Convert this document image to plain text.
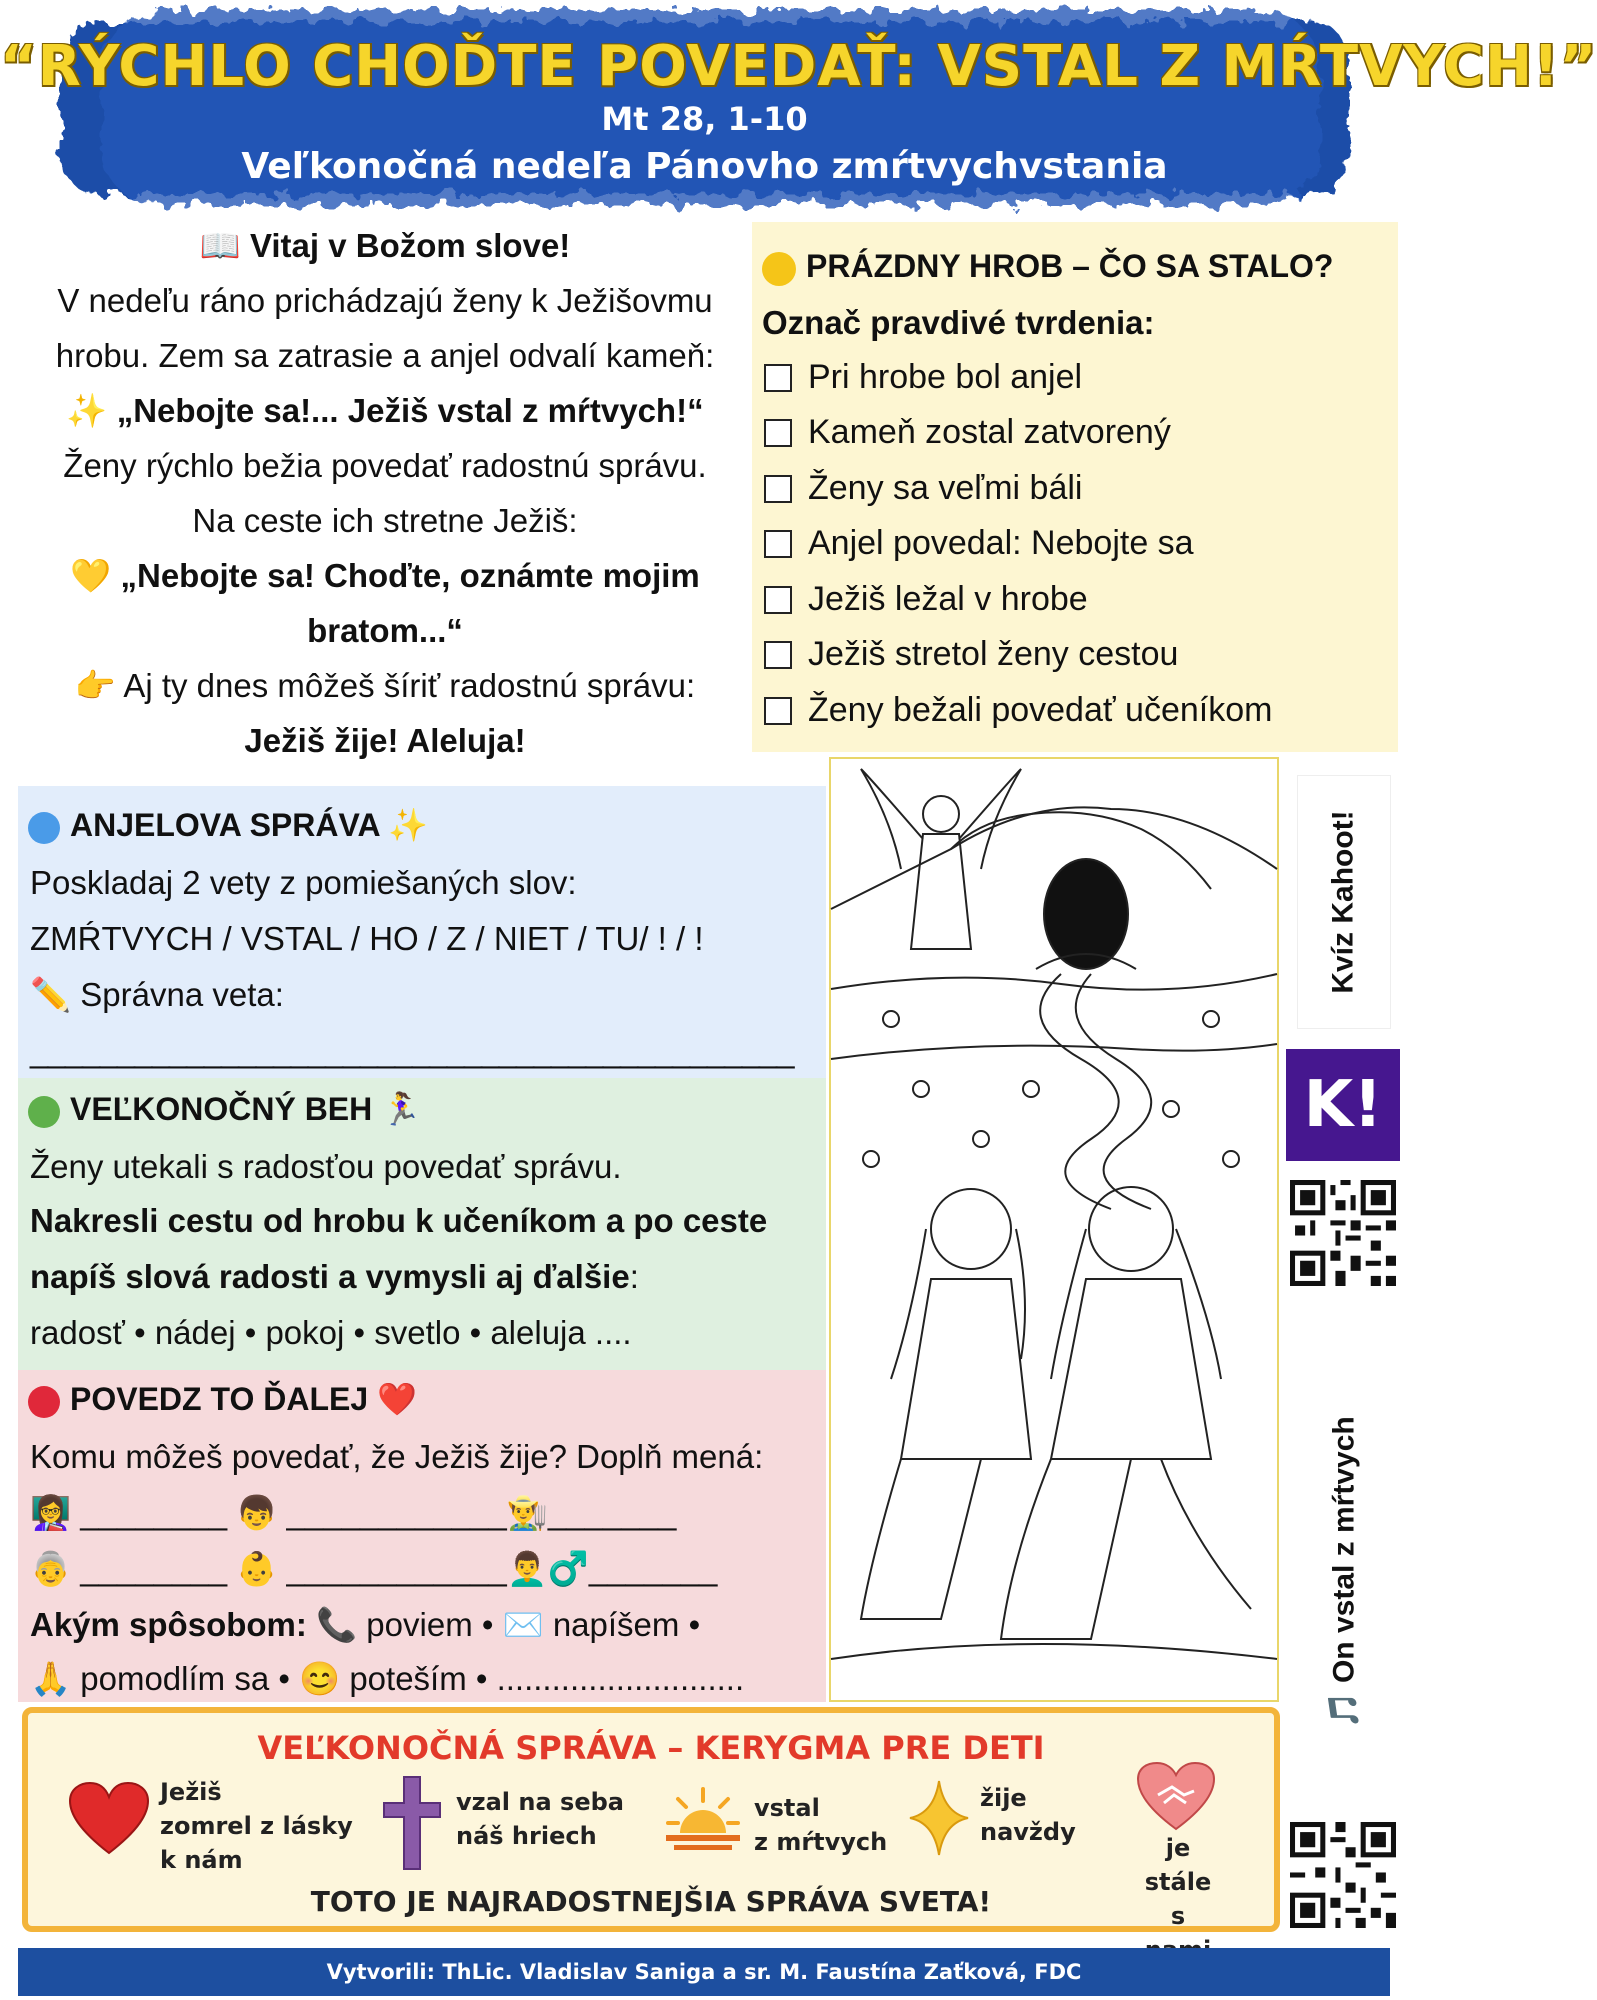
“RÝCHLO CHOĎTE POVEDAŤ: VSTAL Z MŔTVYCH!”
Mt 28, 1-10
Veľkonočná nedeľa Pánovho zmŕtvychvstania
📖 Vitaj v Božom slove!
V nedeľu ráno prichádzajú ženy k Ježišovmu
hrobu. Zem sa zatrasie a anjel odvalí kameň:
✨ „Nebojte sa!... Ježiš vstal z mŕtvych!“
Ženy rýchlo bežia povedať radostnú správu.
Na ceste ich stretne Ježiš:
💛 „Nebojte sa! Choďte, oznámte mojim
bratom...“
👉 Aj ty dnes môžeš šíriť radostnú správu:
Ježiš žije! Aleluja!
PRÁZDNY HROB – ČO SA STALO?
Označ pravdivé tvrdenia:
Pri hrobe bol anjel
Kameň zostal zatvorený
Ženy sa veľmi báli
Anjel povedal: Nebojte sa
Ježiš ležal v hrobe
Ježiš stretol ženy cestou
Ženy bežali povedať učeníkom
ANJELOVA SPRÁVA ✨
Poskladaj 2 vety z pomiešaných slov:
ZMŔTVYCH / VSTAL / HO / Z / NIET / TU/ ! / !
✏️ Správna veta:
____________________________________________
VEĽKONOČNÝ BEH 🏃‍♀️
Ženy utekali s radosťou povedať správu.
Nakresli cestu od hrobu k učeníkom a po ceste
napíš slová radosti a vymysli aj ďalšie:
radosť • nádej • pokoj • svetlo • aleluja ....
POVEDZ TO ĎALEJ ❤️
Komu môžeš povedať, že Ježiš žije? Doplň mená:
👩‍🏫 ________ 👦 ____________👨‍🌾_______
👵 ________ 👶 ____________👨‍🦱♂️_______
Akým spôsobom: 📞 poviem • ✉️ napíšem •
🙏 pomodlím sa • 😊 poteším • ...........................
Kvíz Kahoot!
K!
🎵 On vstal z mŕtvych
VEĽKONOČNÁ SPRÁVA – KERYGMA PRE DETI
Ježiš
zomrel z lásky
k nám
vzal na seba
náš hriech
vstal
z mŕtvych
žije
navždy
je stále
s
TOTO JE NAJRADOSTNEJŠIA SPRÁVA SVETA!
Vytvorili: ThLic. Vladislav Saniga a sr. M. Faustína Zaťková, FDC
